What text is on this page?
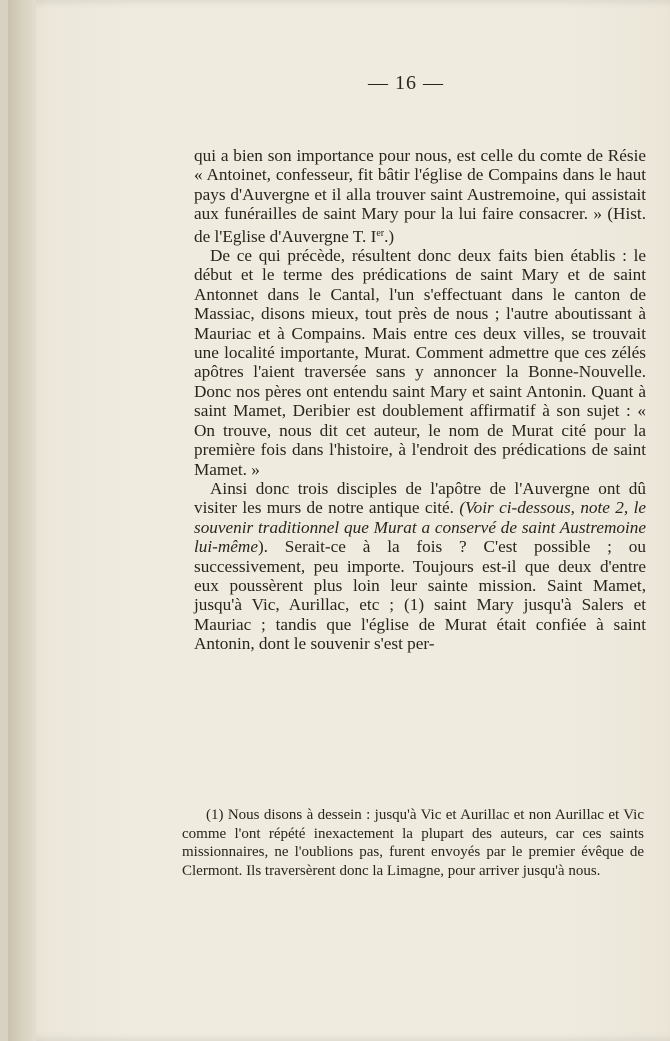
— 16 —

qui a bien son importance pour nous, est celle du comte de Résie « Antoinet, confesseur, fit bâtir l'église de Compains dans le haut pays d'Auvergne et il alla trouver saint Austremoine, qui assistait aux funérailles de saint Mary pour la lui faire consacrer. » (Hist. de l'Eglise d'Auvergne T. Ier.)

De ce qui précède, résultent donc deux faits bien établis : le début et le terme des prédications de saint Mary et de saint Antonnet dans le Cantal, l'un s'effectuant dans le canton de Massiac, disons mieux, tout près de nous ; l'autre aboutissant à Mauriac et à Compains. Mais entre ces deux villes, se trouvait une localité importante, Murat. Comment admettre que ces zélés apôtres l'aient traversée sans y annoncer la Bonne-Nouvelle. Donc nos pères ont entendu saint Mary et saint Antonin. Quant à saint Mamet, Deribier est doublement affirmatif à son sujet : « On trouve, nous dit cet auteur, le nom de Murat cité pour la première fois dans l'histoire, à l'endroit des prédications de saint Mamet. »

Ainsi donc trois disciples de l'apôtre de l'Auvergne ont dû visiter les murs de notre antique cité. (Voir ci-dessous, note 2, le souvenir traditionnel que Murat a conservé de saint Austremoine lui-même). Serait-ce à la fois ? C'est possible ; ou successivement, peu importe. Toujours est-il que deux d'entre eux poussèrent plus loin leur sainte mission. Saint Mamet, jusqu'à Vic, Aurillac, etc ; (1) saint Mary jusqu'à Salers et Mauriac ; tandis que l'église de Murat était confiée à saint Antonin, dont le souvenir s'est per-

(1) Nous disons à dessein : jusqu'à Vic et Aurillac et non Aurillac et Vic comme l'ont répété inexactement la plupart des auteurs, car ces saints missionnaires, ne l'oublions pas, furent envoyés par le premier évêque de Clermont. Ils traversèrent donc la Limagne, pour arriver jusqu'à nous.
